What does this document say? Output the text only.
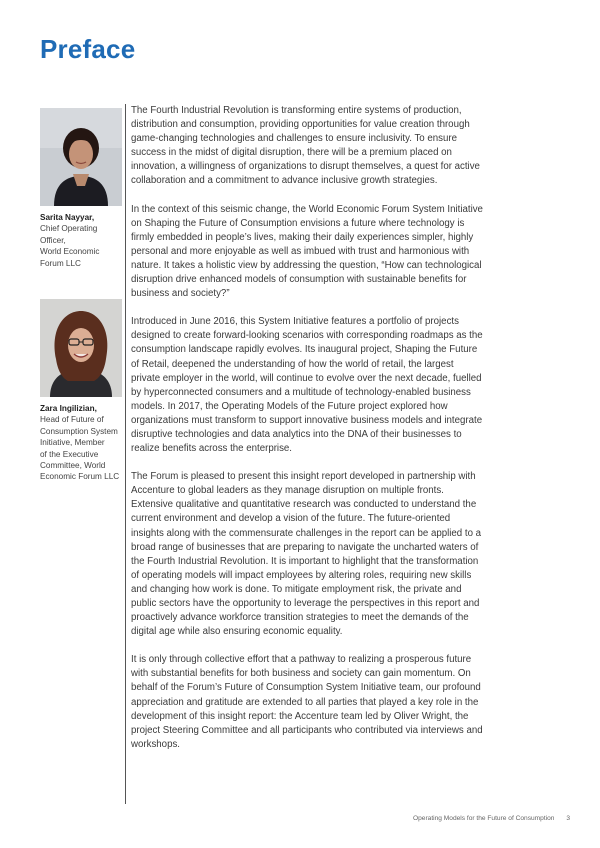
Preface
Sarita Nayyar,
Chief Operating Officer,
World Economic
Forum LLC
Zara Ingilizian,
Head of Future of
Consumption System
Initiative, Member
of the Executive
Committee, World
Economic Forum LLC

The Fourth Industrial Revolution is transforming entire systems of production, distribution and consumption, providing opportunities for value creation through game-changing technologies and challenges to ensure inclusivity. To ensure success in the midst of digital disruption, there will be a premium placed on innovation, a willingness of organizations to disrupt themselves, a quest for active collaboration and a commitment to advance inclusive growth strategies.

In the context of this seismic change, the World Economic Forum System Initiative on Shaping the Future of Consumption envisions a future where technology is firmly embedded in people’s lives, making their daily experiences simpler, highly personal and more enjoyable as well as imbued with trust and harmonious with nature. It takes a holistic view by addressing the question, “How can technological disruption drive enhanced models of consumption with sustainable benefits for business and society?”

Introduced in June 2016, this System Initiative features a portfolio of projects designed to create forward-looking scenarios with corresponding roadmaps as the consumption landscape rapidly evolves. Its inaugural project, Shaping the Future of Retail, deepened the understanding of how the world of retail, the largest private employer in the world, will continue to evolve over the next decade, fuelled by hyperconnected consumers and a multitude of technology-enabled business models. In 2017, the Operating Models of the Future project explored how organizations must transform to support innovative business models and integrate disruptive technologies and data analytics into the DNA of their businesses to realize benefits across the enterprise.

The Forum is pleased to present this insight report developed in partnership with Accenture to global leaders as they manage disruption on multiple fronts. Extensive qualitative and quantitative research was conducted to understand the current environment and develop a vision of the future. The future-oriented insights along with the commensurate challenges in the report can be applied to a broad range of businesses that are preparing to navigate the uncharted waters of the Fourth Industrial Revolution. It is important to highlight that the transformation of operating models will impact employees by altering roles, requiring new skills and changing how work is done. To mitigate employment risk, the private and public sectors have the opportunity to leverage the perspectives in this report and proactively advance workforce transition strategies to meet the demands of the digital age while also ensuring economic equality.

It is only through collective effort that a pathway to realizing a prosperous future with substantial benefits for both business and society can gain momentum. On behalf of the Forum’s Future of Consumption System Initiative team, our profound appreciation and gratitude are extended to all parties that played a key role in the development of this insight report: the Accenture team led by Oliver Wright, the project Steering Committee and all participants who contributed via interviews and workshops.

Operating Models for the Future of Consumption 3
